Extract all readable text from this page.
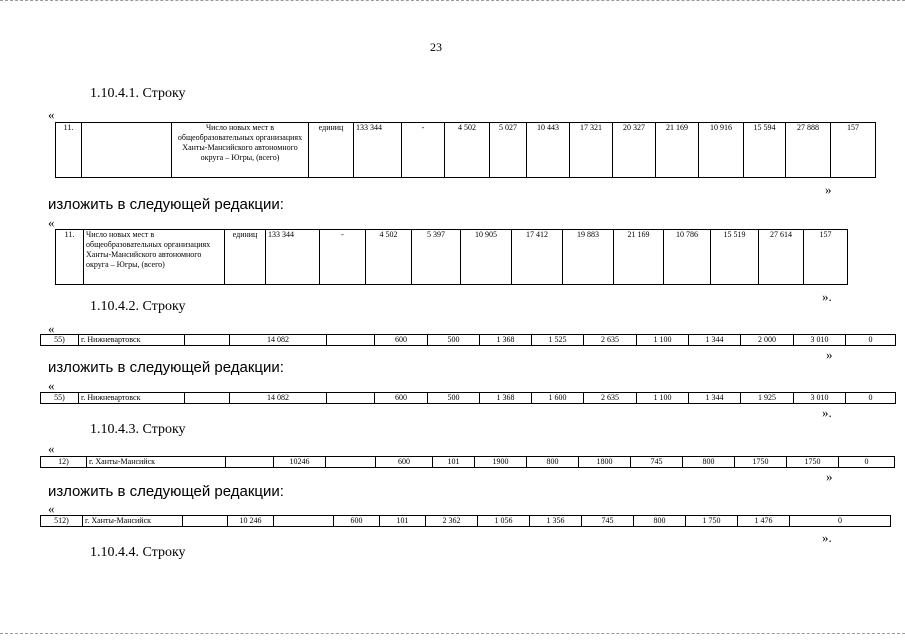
23
1.10.4.1. Строку
«
11.		Число новых мест в общеобразовательных организациях Ханты-Мансийского автономного округа – Югры, (всего)	единиц	133 344	-	4 502	5 027	10 443	17 321	20 327	21 169	10 916	15 594	27 888	157
»
изложить в следующей редакции:
«
11.	Число новых мест в общеобразовательных организациях Ханты-Мансийского автономного округа – Югры, (всего)	единиц	133 344	-	4 502	5 397	10 905	17 412	19 883	21 169	10 786	15 519	27 614	157
».
1.10.4.2. Строку
«
55)	г. Нижневартовск		14 082		600	500	1 368	1 525	2 635	1 100	1 344	2 000	3 010	0
»
изложить в следующей редакции:
«
55)	г. Нижневартовск		14 082		600	500	1 368	1 600	2 635	1 100	1 344	1 925	3 010	0
».
1.10.4.3. Строку
«
12)	г. Ханты-Мансийск		10246		600	101	1900	800	1800	745	800	1750	1750	0
»
изложить в следующей редакции:
«
512)	г. Ханты-Мансийск		10 246		600	101	2 362	1 056	1 356	745	800	1 750	1 476	0
».
1.10.4.4. Строку
